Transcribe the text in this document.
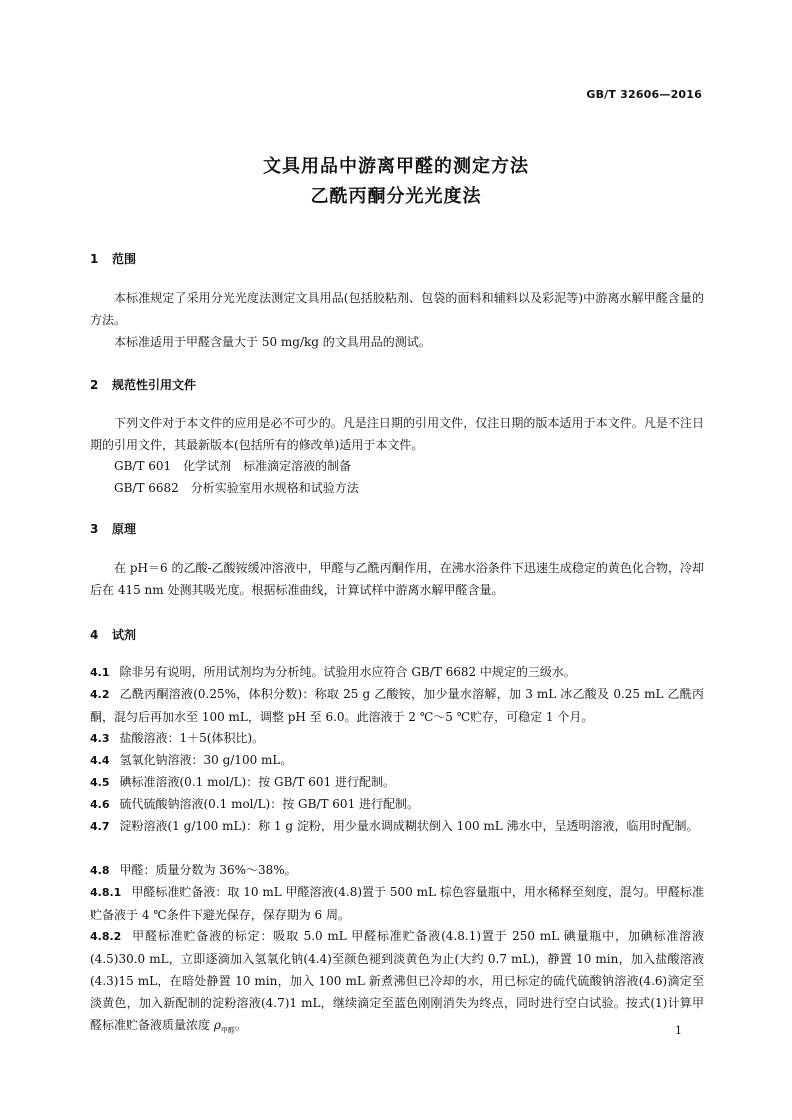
GB/T 32606—2016
文具用品中游离甲醛的测定方法
乙酰丙酮分光光度法
1 范围
本标准规定了采用分光光度法测定文具用品(包括胶粘剂、包袋的面料和辅料以及彩泥等)中游离水解甲醛含量的方法。
本标准适用于甲醛含量大于 50 mg/kg 的文具用品的测试。
2 规范性引用文件
下列文件对于本文件的应用是必不可少的。凡是注日期的引用文件，仅注日期的版本适用于本文件。凡是不注日期的引用文件，其最新版本(包括所有的修改单)适用于本文件。
GB/T 601　化学试剂　标准滴定溶液的制备
GB/T 6682　分析实验室用水规格和试验方法
3 原理
在 pH＝6 的乙酸-乙酸铵缓冲溶液中，甲醛与乙酰丙酮作用，在沸水浴条件下迅速生成稳定的黄色化合物，冷却后在 415 nm 处测其吸光度。根据标准曲线，计算试样中游离水解甲醛含量。
4 试剂
4.1 除非另有说明，所用试剂均为分析纯。试验用水应符合 GB/T 6682 中规定的三级水。
4.2 乙酰丙酮溶液(0.25%，体积分数)：称取 25 g 乙酸铵，加少量水溶解，加 3 mL 冰乙酸及 0.25 mL 乙酰丙酮，混匀后再加水至 100 mL，调整 pH 至 6.0。此溶液于 2 ℃～5 ℃贮存，可稳定 1 个月。
4.3 盐酸溶液：1＋5(体积比)。
4.4 氢氧化钠溶液：30 g/100 mL。
4.5 碘标准溶液(0.1 mol/L)：按 GB/T 601 进行配制。
4.6 硫代硫酸钠溶液(0.1 mol/L)：按 GB/T 601 进行配制。
4.7 淀粉溶液(1 g/100 mL)：称 1 g 淀粉，用少量水调成糊状倒入 100 mL 沸水中，呈透明溶液，临用时配制。
4.8 甲醛：质量分数为 36%～38%。
4.8.1 甲醛标准贮备液：取 10 mL 甲醛溶液(4.8)置于 500 mL 棕色容量瓶中，用水稀释至刻度，混匀。甲醛标准贮备液于 4 ℃条件下避光保存，保存期为 6 周。
4.8.2 甲醛标准贮备液的标定：吸取 5.0 mL 甲醛标准贮备液(4.8.1)置于 250 mL 碘量瓶中，加碘标准溶液(4.5)30.0 mL，立即逐滴加入氢氧化钠(4.4)至颜色褪到淡黄色为止(大约 0.7 mL)，静置 10 min，加入盐酸溶液(4.3)15 mL，在暗处静置 10 min，加入 100 mL 新煮沸但已冷却的水，用已标定的硫代硫酸钠溶液(4.6)滴定至淡黄色，加入新配制的淀粉溶液(4.7)1 mL，继续滴定至蓝色刚刚消失为终点，同时进行空白试验。按式(1)计算甲醛标准贮备液质量浓度 $\rho_{甲醛}$。	1
